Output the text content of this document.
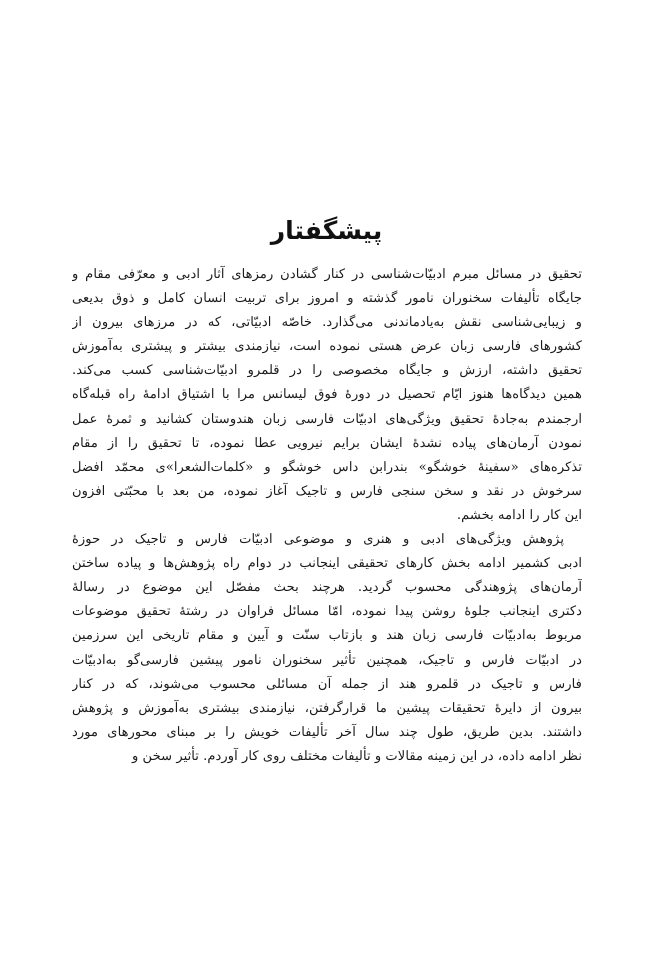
پیشگفتار

تحقیق در مسائل مبرم ادبیّات‌شناسی در کنار گشادن رمزهای آثار ادبی و معرّفی مقام و
جایگاه تألیفات سخنوران نامور گذشته و امروز برای تربیت انسان کامل و ذوق بدیعی
و زیبایی‌شناسی نقش به‌یادماندنی می‌گذارد. خاصّه ادبیّاتی، که در مرزهای بیرون از
کشورهای فارسی زبان عرض هستی نموده است، نیازمندی بیشتر و پیشتری به‌آموزش
تحقیق داشته، ارزش و جایگاه مخصوصی را در قلمرو ادبیّات‌شناسی کسب می‌کند.
همین دیدگاه‌ها هنوز ایّام تحصیل در دورهٔ فوق لیسانس مرا با اشتیاق ادامهٔ راه قبله‌گاه
ارجمندم به‌جادهٔ تحقیق ویژگی‌های ادبیّات فارسی زبان هندوستان کشانید و ثمرهٔ عمل
نمودن آرمان‌های پیاده نشدهٔ ایشان برایم نیرویی عطا نموده، تا تحقیق را از مقام
تذکره‌های «سفینهٔ خوشگو» بندرابن داس خوشگو و «کلمات‌الشعرا»ی محمّد افضل
سرخوش در نقد و سخن سنجی فارس و تاجیک آغاز نموده، من بعد با محبّتی افزون
این کار را ادامه بخشم.

پژوهش ویژگی‌های ادبی و هنری و موضوعی ادبیّات فارس و تاجیک در حوزهٔ
ادبی کشمیر ادامه بخش کارهای تحقیقی اینجانب در دوام راه پژوهش‌ها و پیاده ساختن
آرمان‌های پژوهندگی محسوب گردید. هرچند بحث مفصّل این موضوع در رسالهٔ
دکتری اینجانب جلوهٔ روشن پیدا نموده، امّا مسائل فراوان در رشتهٔ تحقیق موضوعات
مربوط به‌ادبیّات فارسی زبان هند و بازتاب سنّت و آیین و مقام تاریخی این سرزمین
در ادبیّات فارس و تاجیک، همچنین تأثیر سخنوران نامور پیشین فارسی‌گو به‌ادبیّات
فارس و تاجیک در قلمرو هند از جمله آن مسائلی محسوب می‌شوند، که در کنار
بیرون از دایرهٔ تحقیقات پیشین ما قرارگرفتن، نیازمندی بیشتری به‌آموزش و پژوهش
داشتند. بدین طریق، طول چند سال آخر تألیفات خویش را بر مبنای محورهای مورد
نظر ادامه داده، در این زمینه مقالات و تألیفات مختلف روی کار آوردم. تأثیر سخن و
